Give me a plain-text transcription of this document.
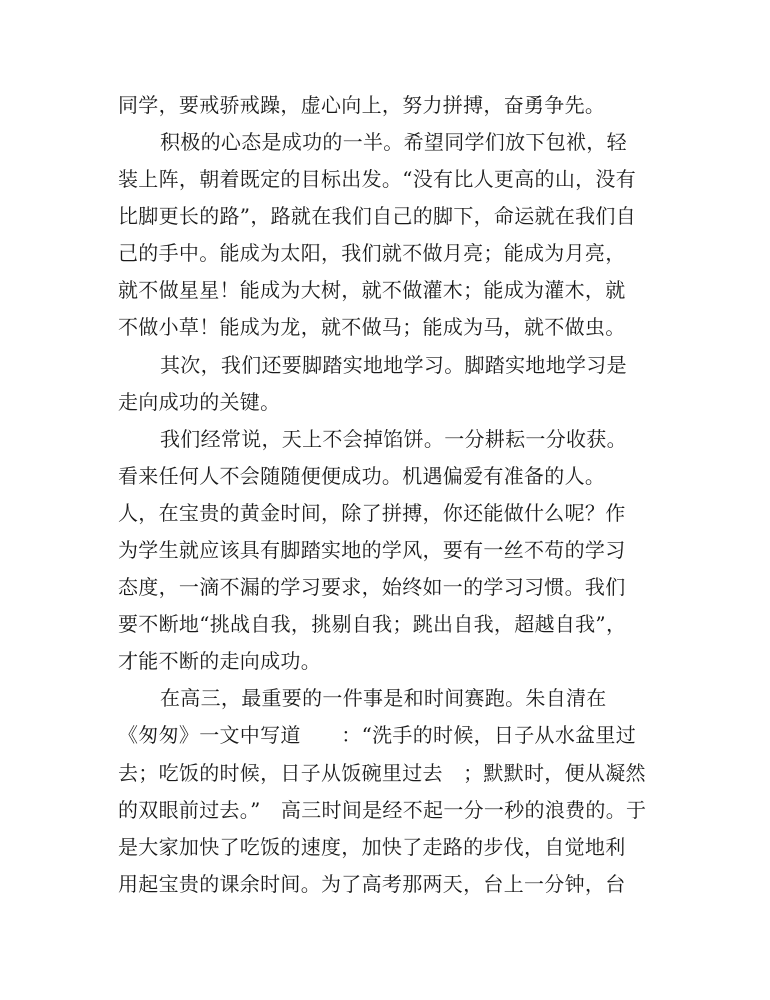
同学，要戒骄戒躁，虚心向上，努力拼搏，奋勇争先。

积极的心态是成功的一半。希望同学们放下包袱，轻

装上阵，朝着既定的目标出发。“没有比人更高的山，没有

比脚更长的路”，路就在我们自己的脚下，命运就在我们自

己的手中。能成为太阳，我们就不做月亮；能成为月亮，

就不做星星！能成为大树，就不做灌木；能成为灌木，就

不做小草！能成为龙，就不做马；能成为马，就不做虫。

其次，我们还要脚踏实地地学习。脚踏实地地学习是

走向成功的关键。

我们经常说，天上不会掉馅饼。一分耕耘一分收获。

看来任何人不会随随便便成功。机遇偏爱有准备的人。

人，在宝贵的黄金时间，除了拼搏，你还能做什么呢？作

为学生就应该具有脚踏实地的学风，要有一丝不苟的学习

态度，一滴不漏的学习要求，始终如一的学习习惯。我们

要不断地“挑战自我，挑剔自我；跳出自我，超越自我”，

才能不断的走向成功。

在高三，最重要的一件事是和时间赛跑。朱自清在

《匆匆》一文中写道　　：“洗手的时候，日子从水盆里过

去；吃饭的时候，日子从饭碗里过去　；默默时，便从凝然

的双眼前过去。”　高三时间是经不起一分一秒的浪费的。于

是大家加快了吃饭的速度，加快了走路的步伐，自觉地利

用起宝贵的课余时间。为了高考那两天，台上一分钟，台
